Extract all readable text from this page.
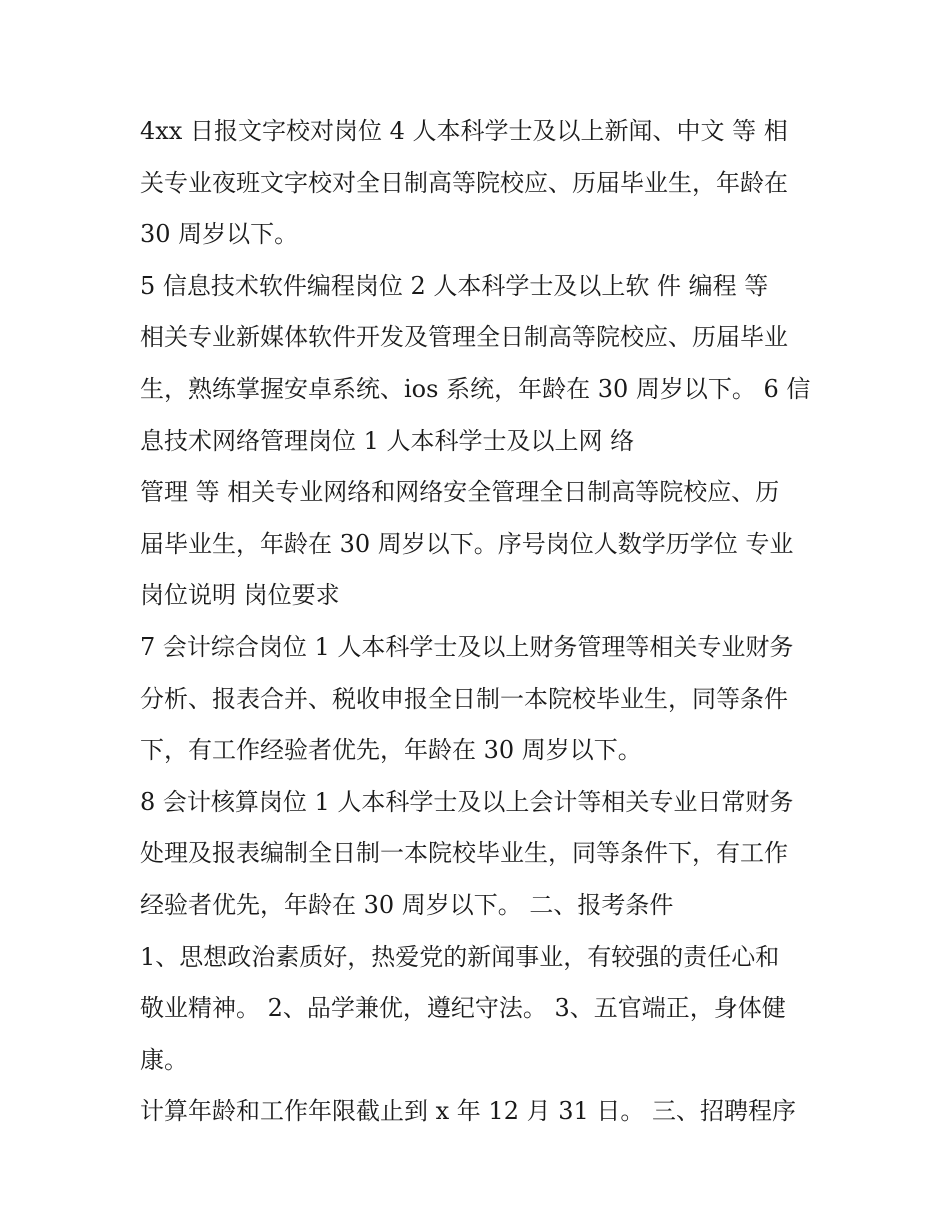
4xx 日报文字校对岗位 4 人本科学士及以上新闻、中文 等 相
关专业夜班文字校对全日制高等院校应、历届毕业生，年龄在
30 周岁以下。
5 信息技术软件编程岗位 2 人本科学士及以上软 件 编程 等
相关专业新媒体软件开发及管理全日制高等院校应、历届毕业
生，熟练掌握安卓系统、ios 系统，年龄在 30 周岁以下。 6 信
息技术网络管理岗位 1 人本科学士及以上网 络
管理 等 相关专业网络和网络安全管理全日制高等院校应、历
届毕业生，年龄在 30 周岁以下。序号岗位人数学历学位 专业
岗位说明 岗位要求
7 会计综合岗位 1 人本科学士及以上财务管理等相关专业财务
分析、报表合并、税收申报全日制一本院校毕业生，同等条件
下，有工作经验者优先，年龄在 30 周岁以下。
8 会计核算岗位 1 人本科学士及以上会计等相关专业日常财务
处理及报表编制全日制一本院校毕业生，同等条件下，有工作
经验者优先，年龄在 30 周岁以下。 二、报考条件
1、思想政治素质好，热爱党的新闻事业，有较强的责任心和
敬业精神。 2、品学兼优，遵纪守法。 3、五官端正，身体健
康。
计算年龄和工作年限截止到 x 年 12 月 31 日。 三、招聘程序
